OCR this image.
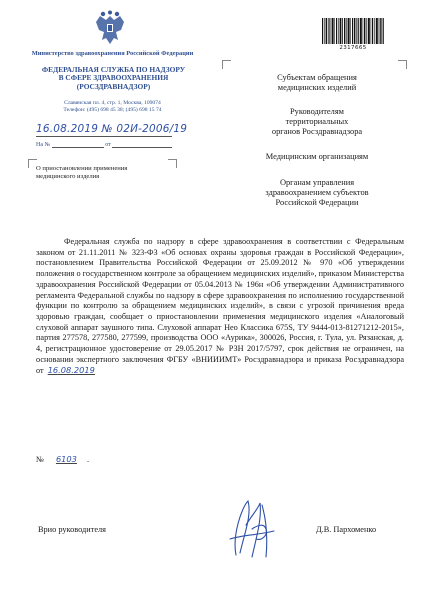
Министерство здравоохранения Российской Федерации
ФЕДЕРАЛЬНАЯ СЛУЖБА ПО НАДЗОРУ
В СФЕРЕ ЗДРАВООХРАНЕНИЯ
(РОСЗДРАВНАДЗОР)
Славянская пл. 4, стр. 1, Москва, 109074
Телефон: (495) 698 45 38; (495) 698 15 74
16.08.2019 № 02И-2006/19
На №	от
О приостановлении применения
медицинского изделия
2317665
Субъектам обращения
медицинских изделий
Руководителям
территориальных
органов Росздравнадзора
Медицинским организациям
Органам управления
здравоохранением субъектов
Российской Федерации
Федеральная служба по надзору в сфере здравоохранения в соответствии с Федеральным законом от 21.11.2011 № 323-ФЗ «Об основах охраны здоровья граждан в Российской Федерации», постановлением Правительства Российской Федерации от 25.09.2012 № 970 «Об утверждении положения о государственном контроле за обращением медицинских изделий», приказом Министерства здравоохранения Российской Федерации от 05.04.2013 № 196н «Об утверждении Административного регламента Федеральной службы по надзору в сфере здравоохранения по исполнению государственной функции по контролю за обращением медицинских изделий», в связи с угрозой причинения вреда здоровью граждан, сообщает о приостановлении применения медицинского изделия «Аналоговый слуховой аппарат заушного типа. Слуховой аппарат Нео Классика 675S, ТУ 9444-013-81271212-2015», партия 277578, 277580, 277599, производства ООО «Аурика», 300026, Россия, г. Тула, ул. Рязанская, д. 4, регистрационное удостоверение от 29.05.2017 № РЗН 2017/5797, срок действия не ограничен, на основании экспертного заключения ФГБУ «ВНИИИМТ» Росздравнадзора и приказа Росздравнадзора от 16.08.2019
№ 6103 .
Врио руководителя	Д.В. Пархоменко
